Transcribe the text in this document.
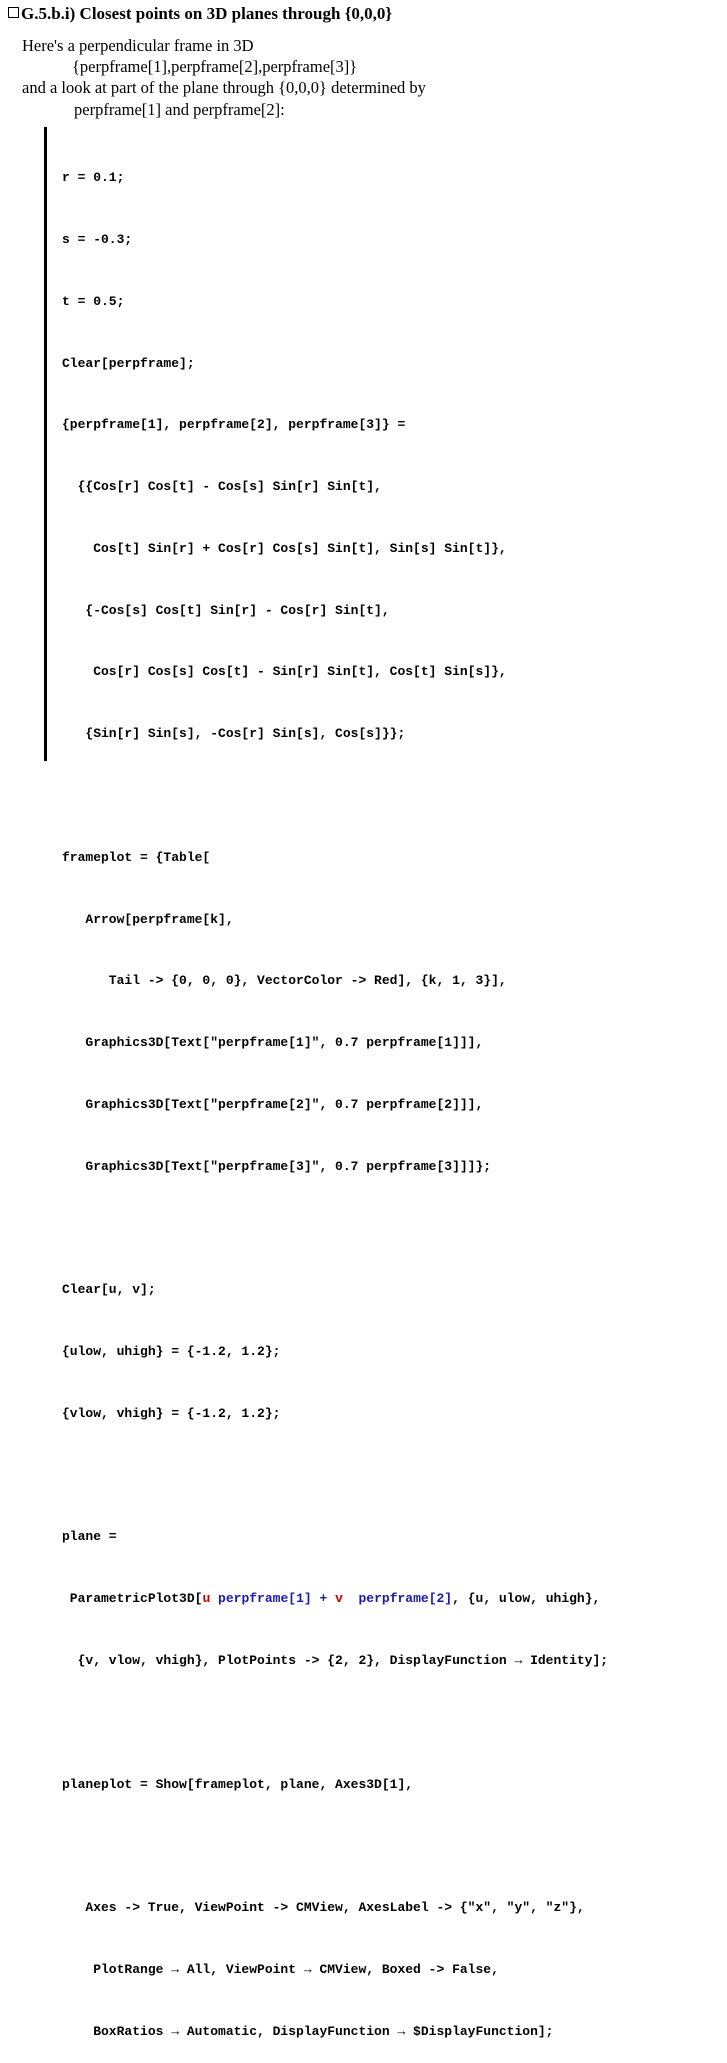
G.5.b.i) Closest points on 3D planes through {0,0,0}
Here's a perpendicular frame in 3D
{perpframe[1],perpframe[2],perpframe[3]}
and a look at part of the plane through {0,0,0} determined by
perpframe[1] and perpframe[2]:

r = 0.1;

s = -0.3;

t = 0.5;

Clear[perpframe];

{perpframe[1], perpframe[2], perpframe[3]} =

{{Cos[r] Cos[t] - Cos[s] Sin[r] Sin[t],

Cos[t] Sin[r] + Cos[r] Cos[s] Sin[t], Sin[s] Sin[t]},

{-Cos[s] Cos[t] Sin[r] - Cos[r] Sin[t],

Cos[r] Cos[s] Cos[t] - Sin[r] Sin[t], Cos[t] Sin[s]},

{Sin[r] Sin[s], -Cos[r] Sin[s], Cos[s]}};

frameplot = {Table[

Arrow[perpframe[k],

Tail -> {0, 0, 0}, VectorColor -> Red], {k, 1, 3}],

Graphics3D[Text["perpframe[1]", 0.7 perpframe[1]]],

Graphics3D[Text["perpframe[2]", 0.7 perpframe[2]]],

Graphics3D[Text["perpframe[3]", 0.7 perpframe[3]]]};

Clear[u, v];

{ulow, uhigh} = {-1.2, 1.2};

{vlow, vhigh} = {-1.2, 1.2};

plane =

ParametricPlot3D[u perpframe[1] + v  perpframe[2], {u, ulow, uhigh},

{v, vlow, vhigh}, PlotPoints -> {2, 2}, DisplayFunction → Identity];

planeplot = Show[frameplot, plane, Axes3D[1],

Axes -> True, ViewPoint -> CMView, AxesLabel -> {"x", "y", "z"},

PlotRange → All, ViewPoint → CMView, Boxed -> False,

BoxRatios → Automatic, DisplayFunction → $DisplayFunction];
